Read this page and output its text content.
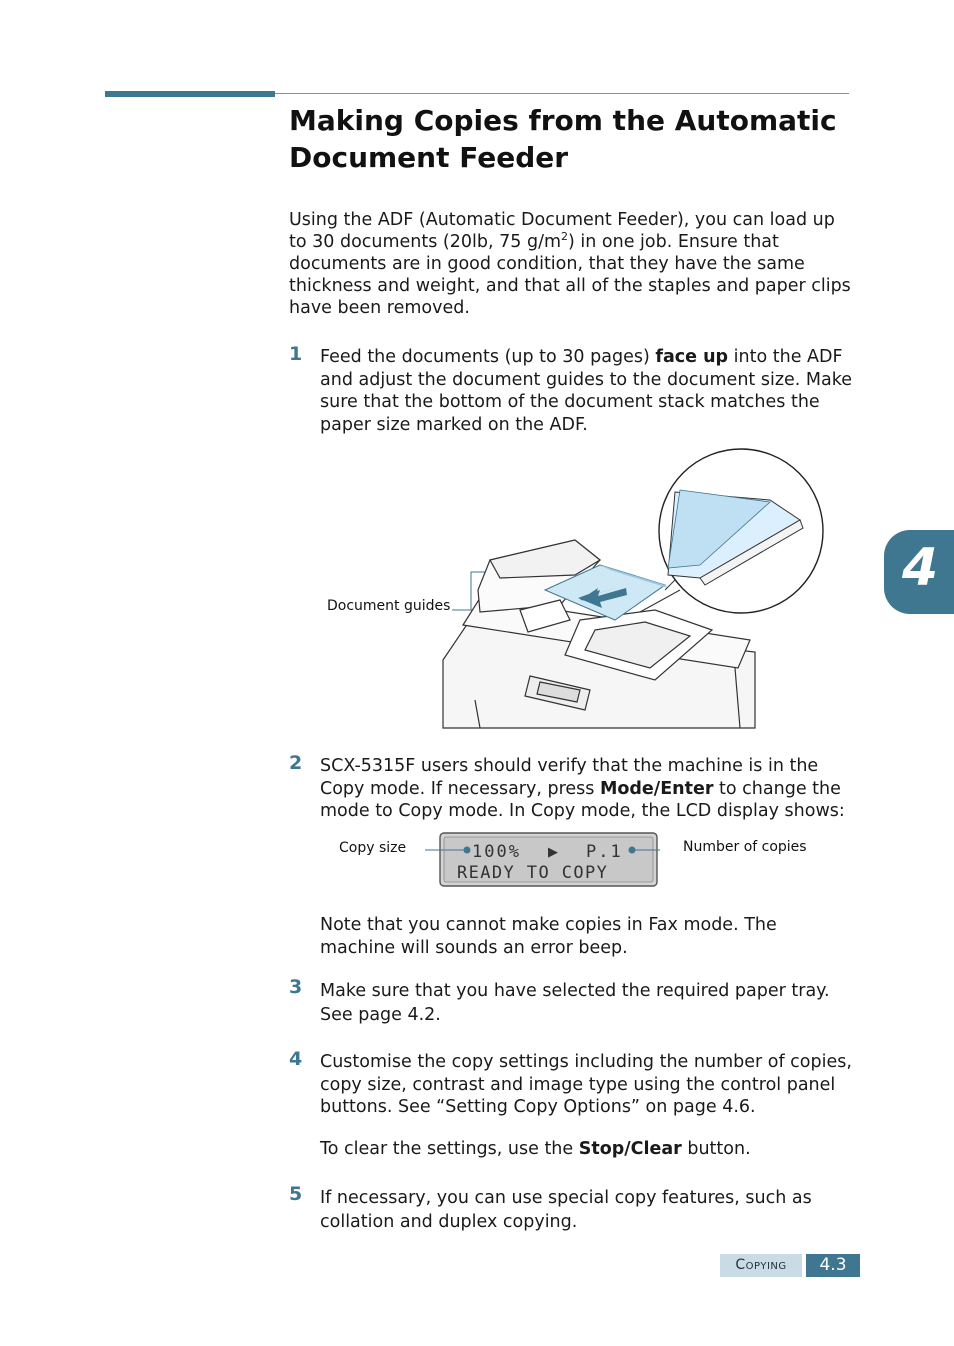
Making Copies from the Automatic
Document Feeder

Using the ADF (Automatic Document Feeder), you can load up to 30 documents (20lb, 75 $g/m^2$) in one job. Ensure that documents are in good condition, that they have the same thickness and weight, and that all of the staples and paper clips have been removed.

1 Feed the documents (up to 30 pages) face up into the ADF and adjust the document guides to the document size. Make sure that the bottom of the document stack matches the paper size marked on the ADF.

Document guides
2 SCX-5315F users should verify that the machine is in the Copy mode. If necessary, press Mode/Enter to change the mode to Copy mode. In Copy mode, the LCD display shows:

Copy size	Number of copies
100% ▶ P.1
READY TO COPY

Note that you cannot make copies in Fax mode. The machine will sounds an error beep.

3 Make sure that you have selected the required paper tray. See page 4.2.

4 Customise the copy settings including the number of copies, copy size, contrast and image type using the control panel buttons. See “Setting Copy Options” on page 4.6.

To clear the settings, use the Stop/Clear button.

5 If necessary, you can use special copy features, such as collation and duplex copying.

4
Copying	4.3
